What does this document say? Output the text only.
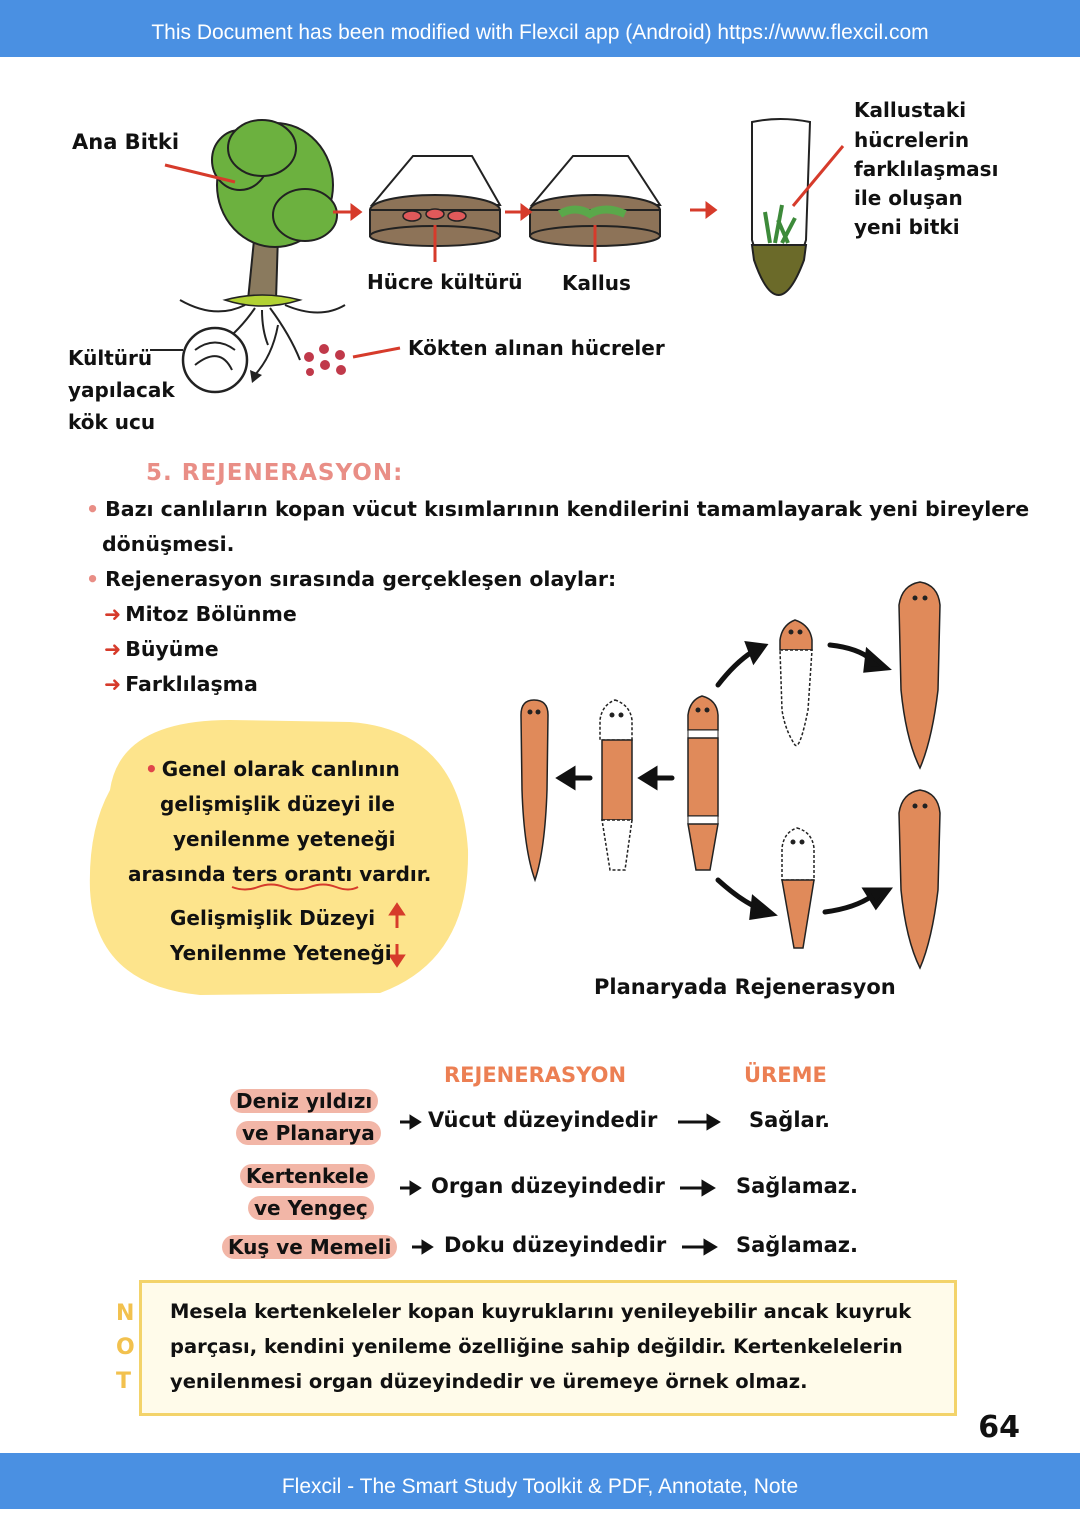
This Document has been modified with Flexcil app (Android) https://www.flexcil.com
Ana Bitki
Hücre kültürü Kallus
Kökten alınan hücreler
Kültürü
yapılacak
kök ucu
Kallustaki
hücrelerin
farklılaşması
ile oluşan
yeni bitki
5. REJENERASYON:
• Bazı canlıların kopan vücut kısımlarının kendilerini tamamlayarak yeni bireylere
dönüşmesi.
• Rejenerasyon sırasında gerçekleşen olaylar:
➜ Mitoz Bölünme
➜ Büyüme
➜ Farklılaşma
• Genel olarak canlının
gelişmişlik düzeyi ile
yenilenme yeteneği
arasında ters orantı vardır.
Gelişmişlik Düzeyi
Yenilenme Yeteneği
Planaryada Rejenerasyon
REJENERASYON	ÜREME
Deniz yıldızı
ve Planarya
Vücut düzeyindedir	Sağlar.
Kertenkele
ve Yengeç
Organ düzeyindedir	Sağlamaz.
Kuş ve Memeli	Doku düzeyindedir	Sağlamaz.
N
O
T
Mesela kertenkeleler kopan kuyruklarını yenileyebilir ancak kuyruk
parçası, kendini yenileme özelliğine sahip değildir. Kertenkelelerin
yenilenmesi organ düzeyindedir ve üremeye örnek olmaz.
64
Flexcil - The Smart Study Toolkit & PDF, Annotate, Note
